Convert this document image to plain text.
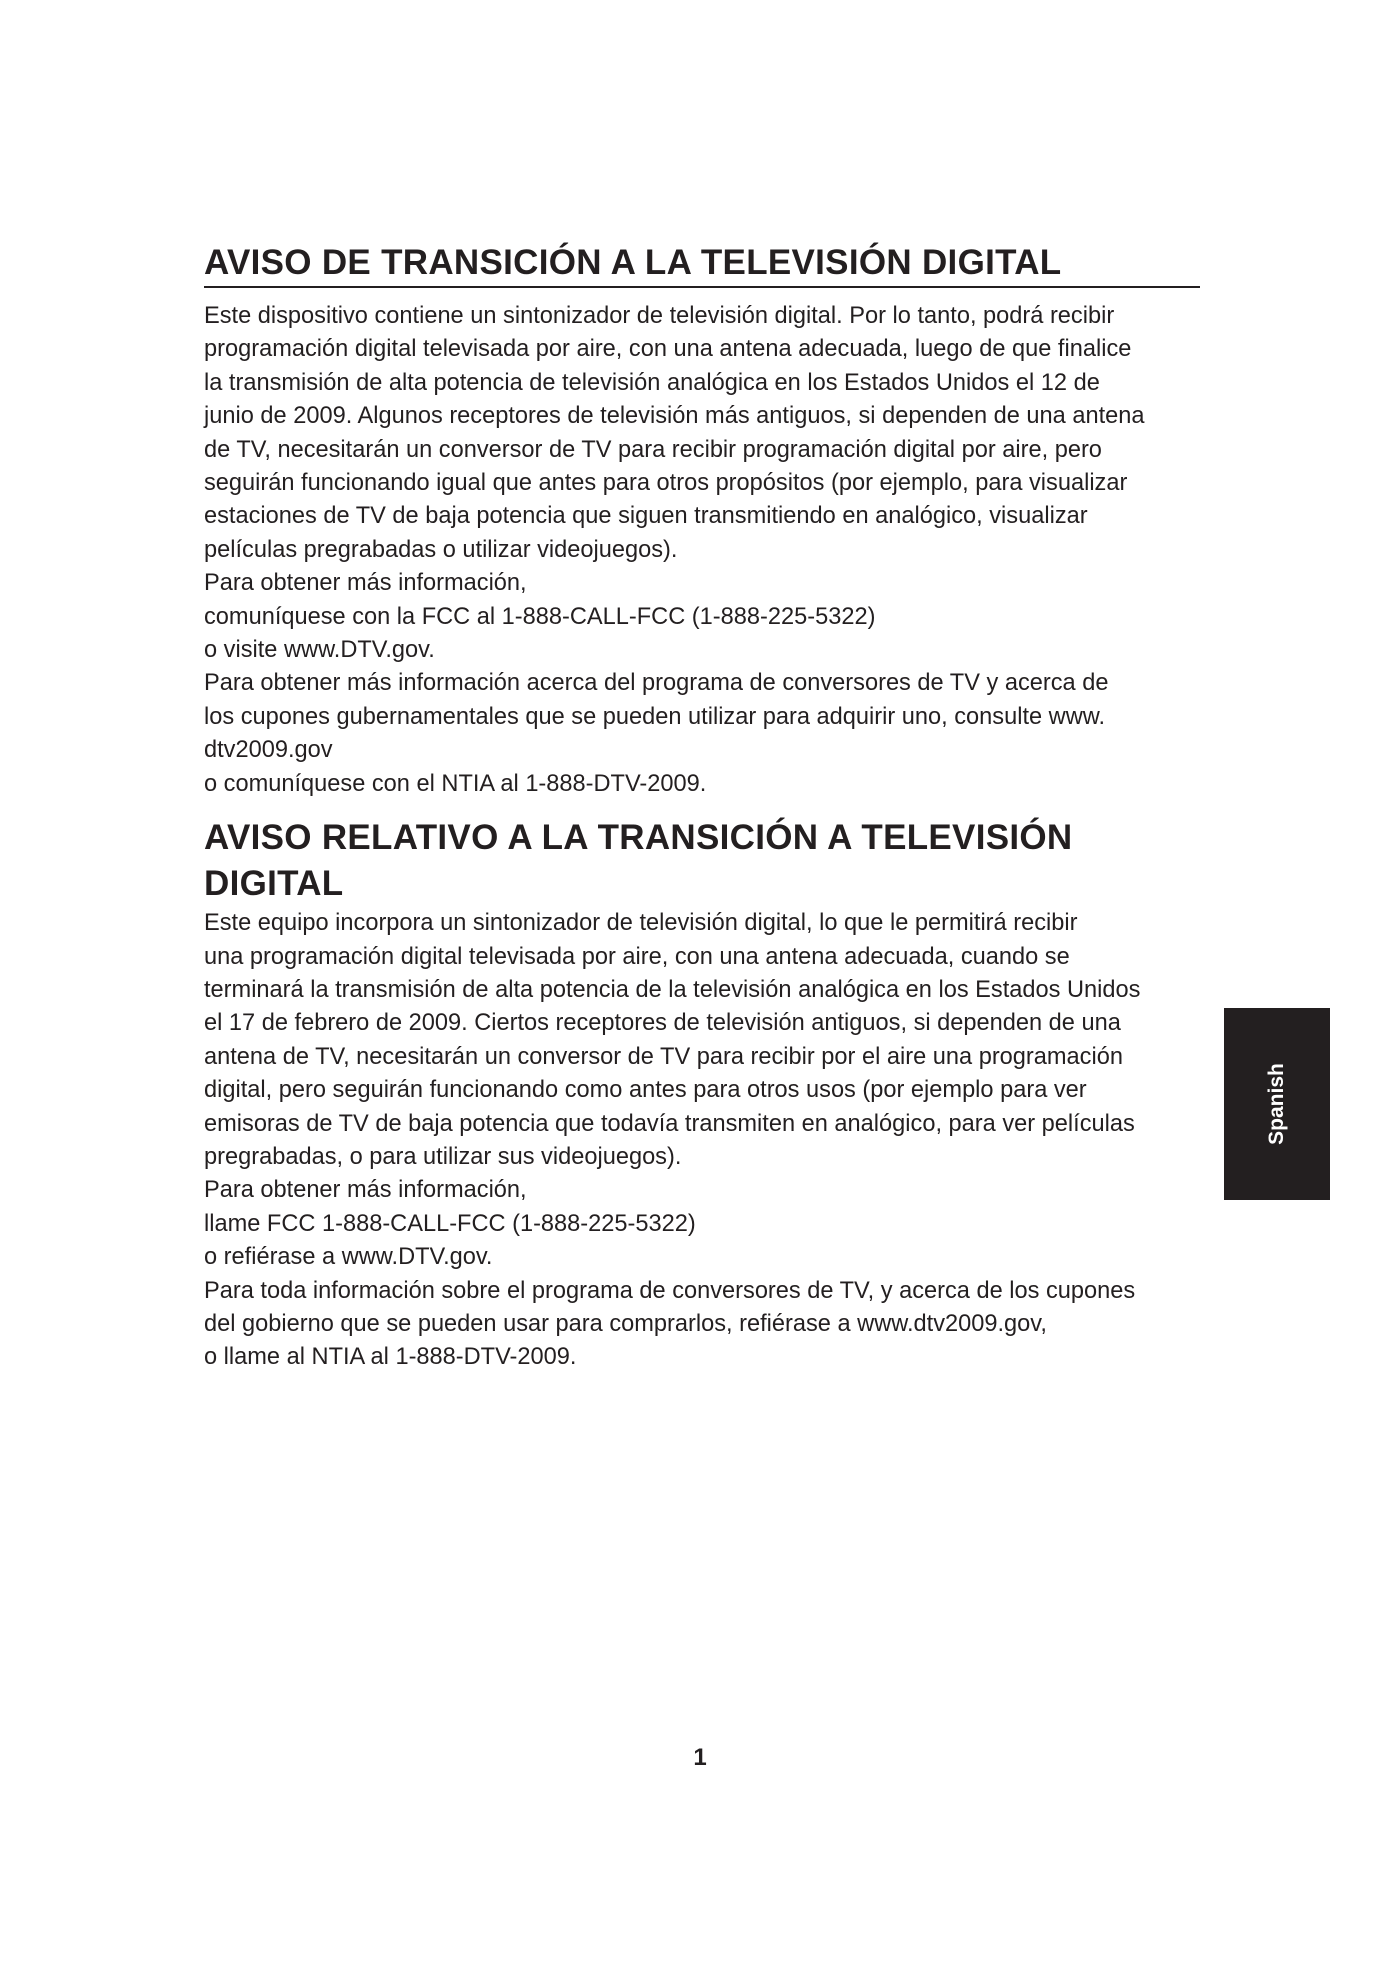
AVISO DE TRANSICIÓN A LA TELEVISIÓN DIGITAL

Este dispositivo contiene un sintonizador de televisión digital. Por lo tanto, podrá recibir

programación digital televisada por aire, con una antena adecuada, luego de que finalice

la transmisión de alta potencia de televisión analógica en los Estados Unidos el 12 de

junio de 2009. Algunos receptores de televisión más antiguos, si dependen de una antena

de TV, necesitarán un conversor de TV para recibir programación digital por aire, pero

seguirán funcionando igual que antes para otros propósitos (por ejemplo, para visualizar

estaciones de TV de baja potencia que siguen transmitiendo en analógico, visualizar

películas pregrabadas o utilizar videojuegos).

Para obtener más información,

comuníquese con la FCC al 1-888-CALL-FCC (1-888-225-5322)

o visite www.DTV.gov.

Para obtener más información acerca del programa de conversores de TV y acerca de

los cupones gubernamentales que se pueden utilizar para adquirir uno, consulte www.

dtv2009.gov

o comuníquese con el NTIA al 1-888-DTV-2009.

AVISO RELATIVO A LA TRANSICIÓN A TELEVISIÓN
DIGITAL

Este equipo incorpora un sintonizador de televisión digital, lo que le permitirá recibir

una programación digital televisada por aire, con una antena adecuada, cuando se

terminará la transmisión de alta potencia de la televisión analógica en los Estados Unidos

el 17 de febrero de 2009. Ciertos receptores de televisión antiguos, si dependen de una

antena de TV, necesitarán un conversor de TV para recibir por el aire una programación

digital, pero seguirán funcionando como antes para otros usos (por ejemplo para ver

emisoras de TV de baja potencia que todavía transmiten en analógico, para ver películas

pregrabadas, o para utilizar sus videojuegos).

Para obtener más información,

llame FCC 1-888-CALL-FCC (1-888-225-5322)

o refiérase a www.DTV.gov.

Para toda información sobre el programa de conversores de TV, y acerca de los cupones

del gobierno que se pueden usar para comprarlos, refiérase a www.dtv2009.gov,

o llame al NTIA al 1-888-DTV-2009.

Spanish
1
